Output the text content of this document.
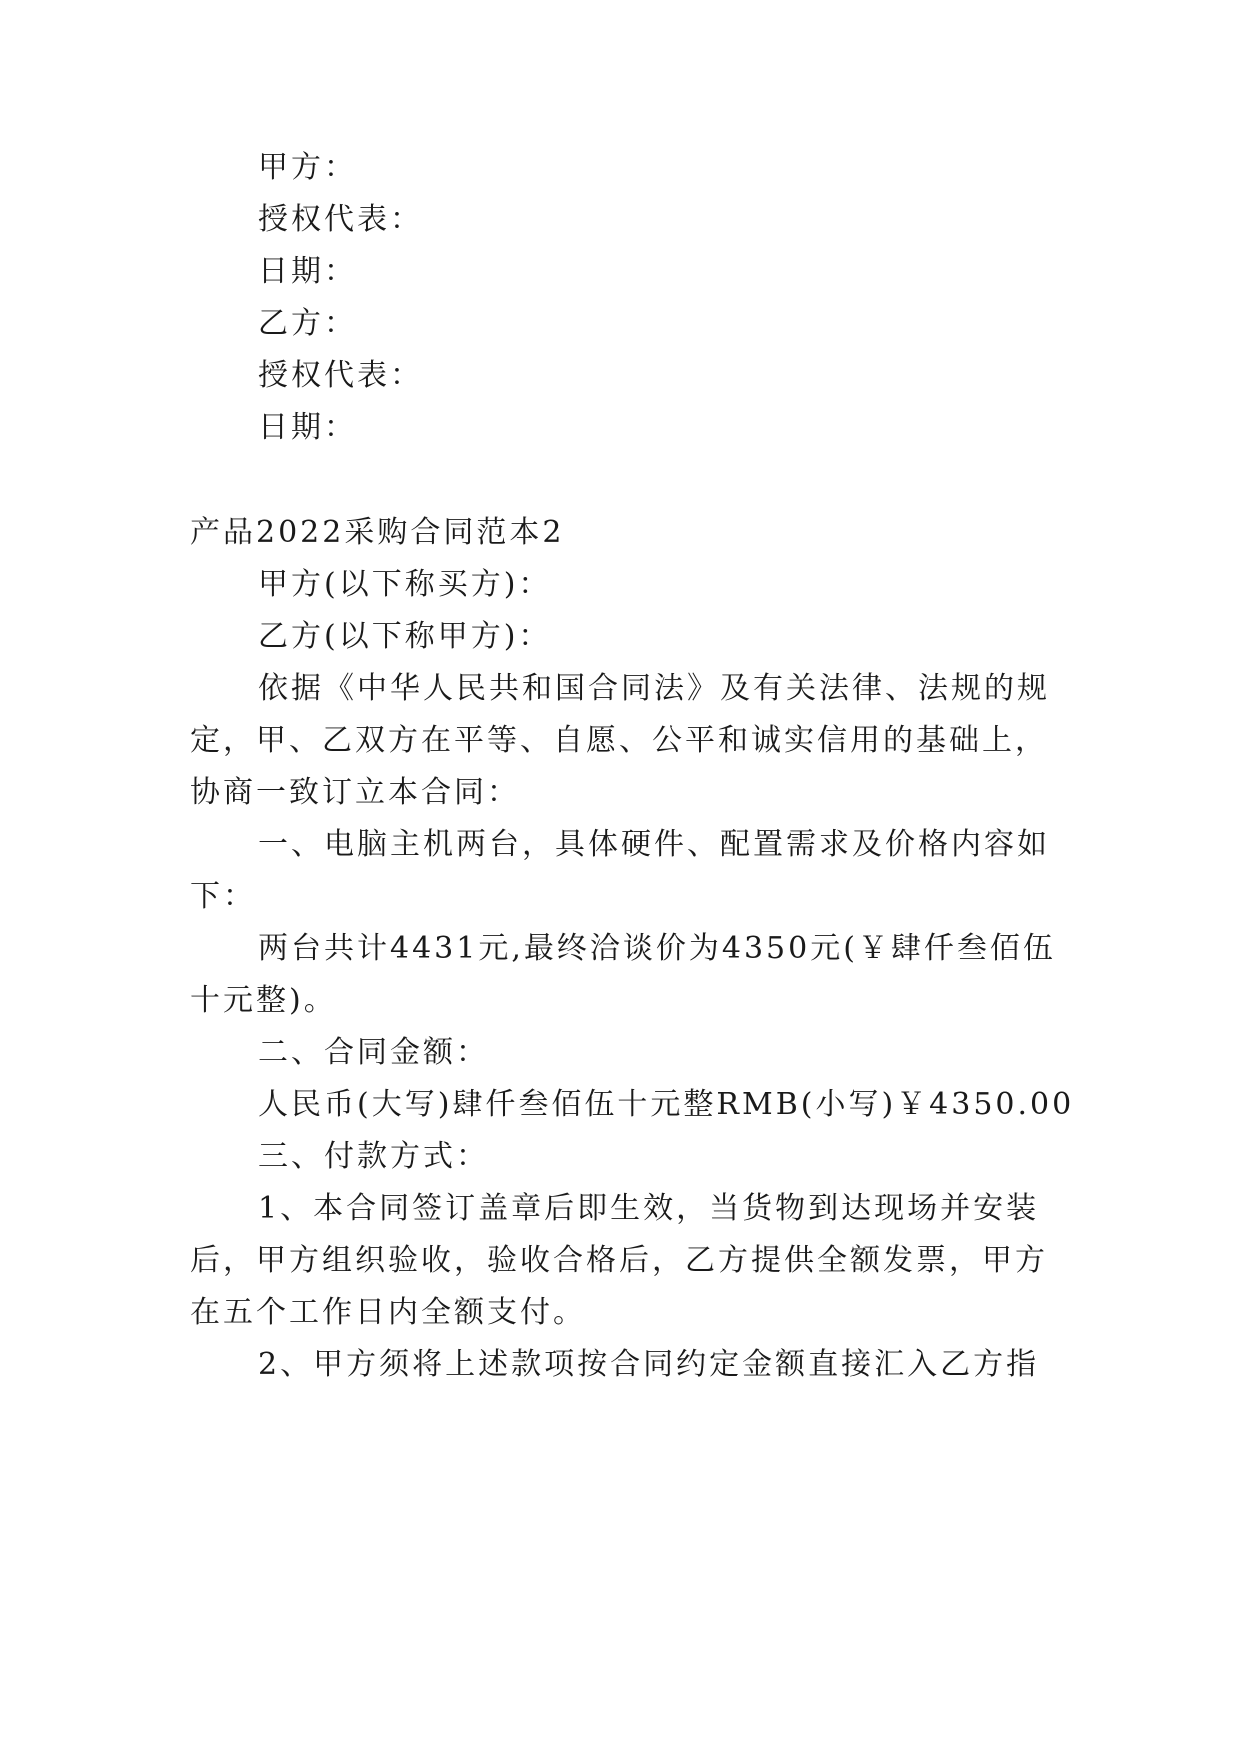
甲方：
授权代表：
日期：
乙方：
授权代表：
日期：
产品2022采购合同范本2
甲方(以下称买方)：
乙方(以下称甲方)：
依据《中华人民共和国合同法》及有关法律、法规的规
定，甲、乙双方在平等、自愿、公平和诚实信用的基础上，
协商一致订立本合同：
一、电脑主机两台，具体硬件、配置需求及价格内容如
下：
两台共计4431元,最终洽谈价为4350元(￥肆仟叁佰伍
十元整)。
二、合同金额：
人民币(大写)肆仟叁佰伍十元整RMB(小写)￥4350.00
三、付款方式：
1、本合同签订盖章后即生效，当货物到达现场并安装
后，甲方组织验收，验收合格后，乙方提供全额发票，甲方
在五个工作日内全额支付。
2、甲方须将上述款项按合同约定金额直接汇入乙方指
